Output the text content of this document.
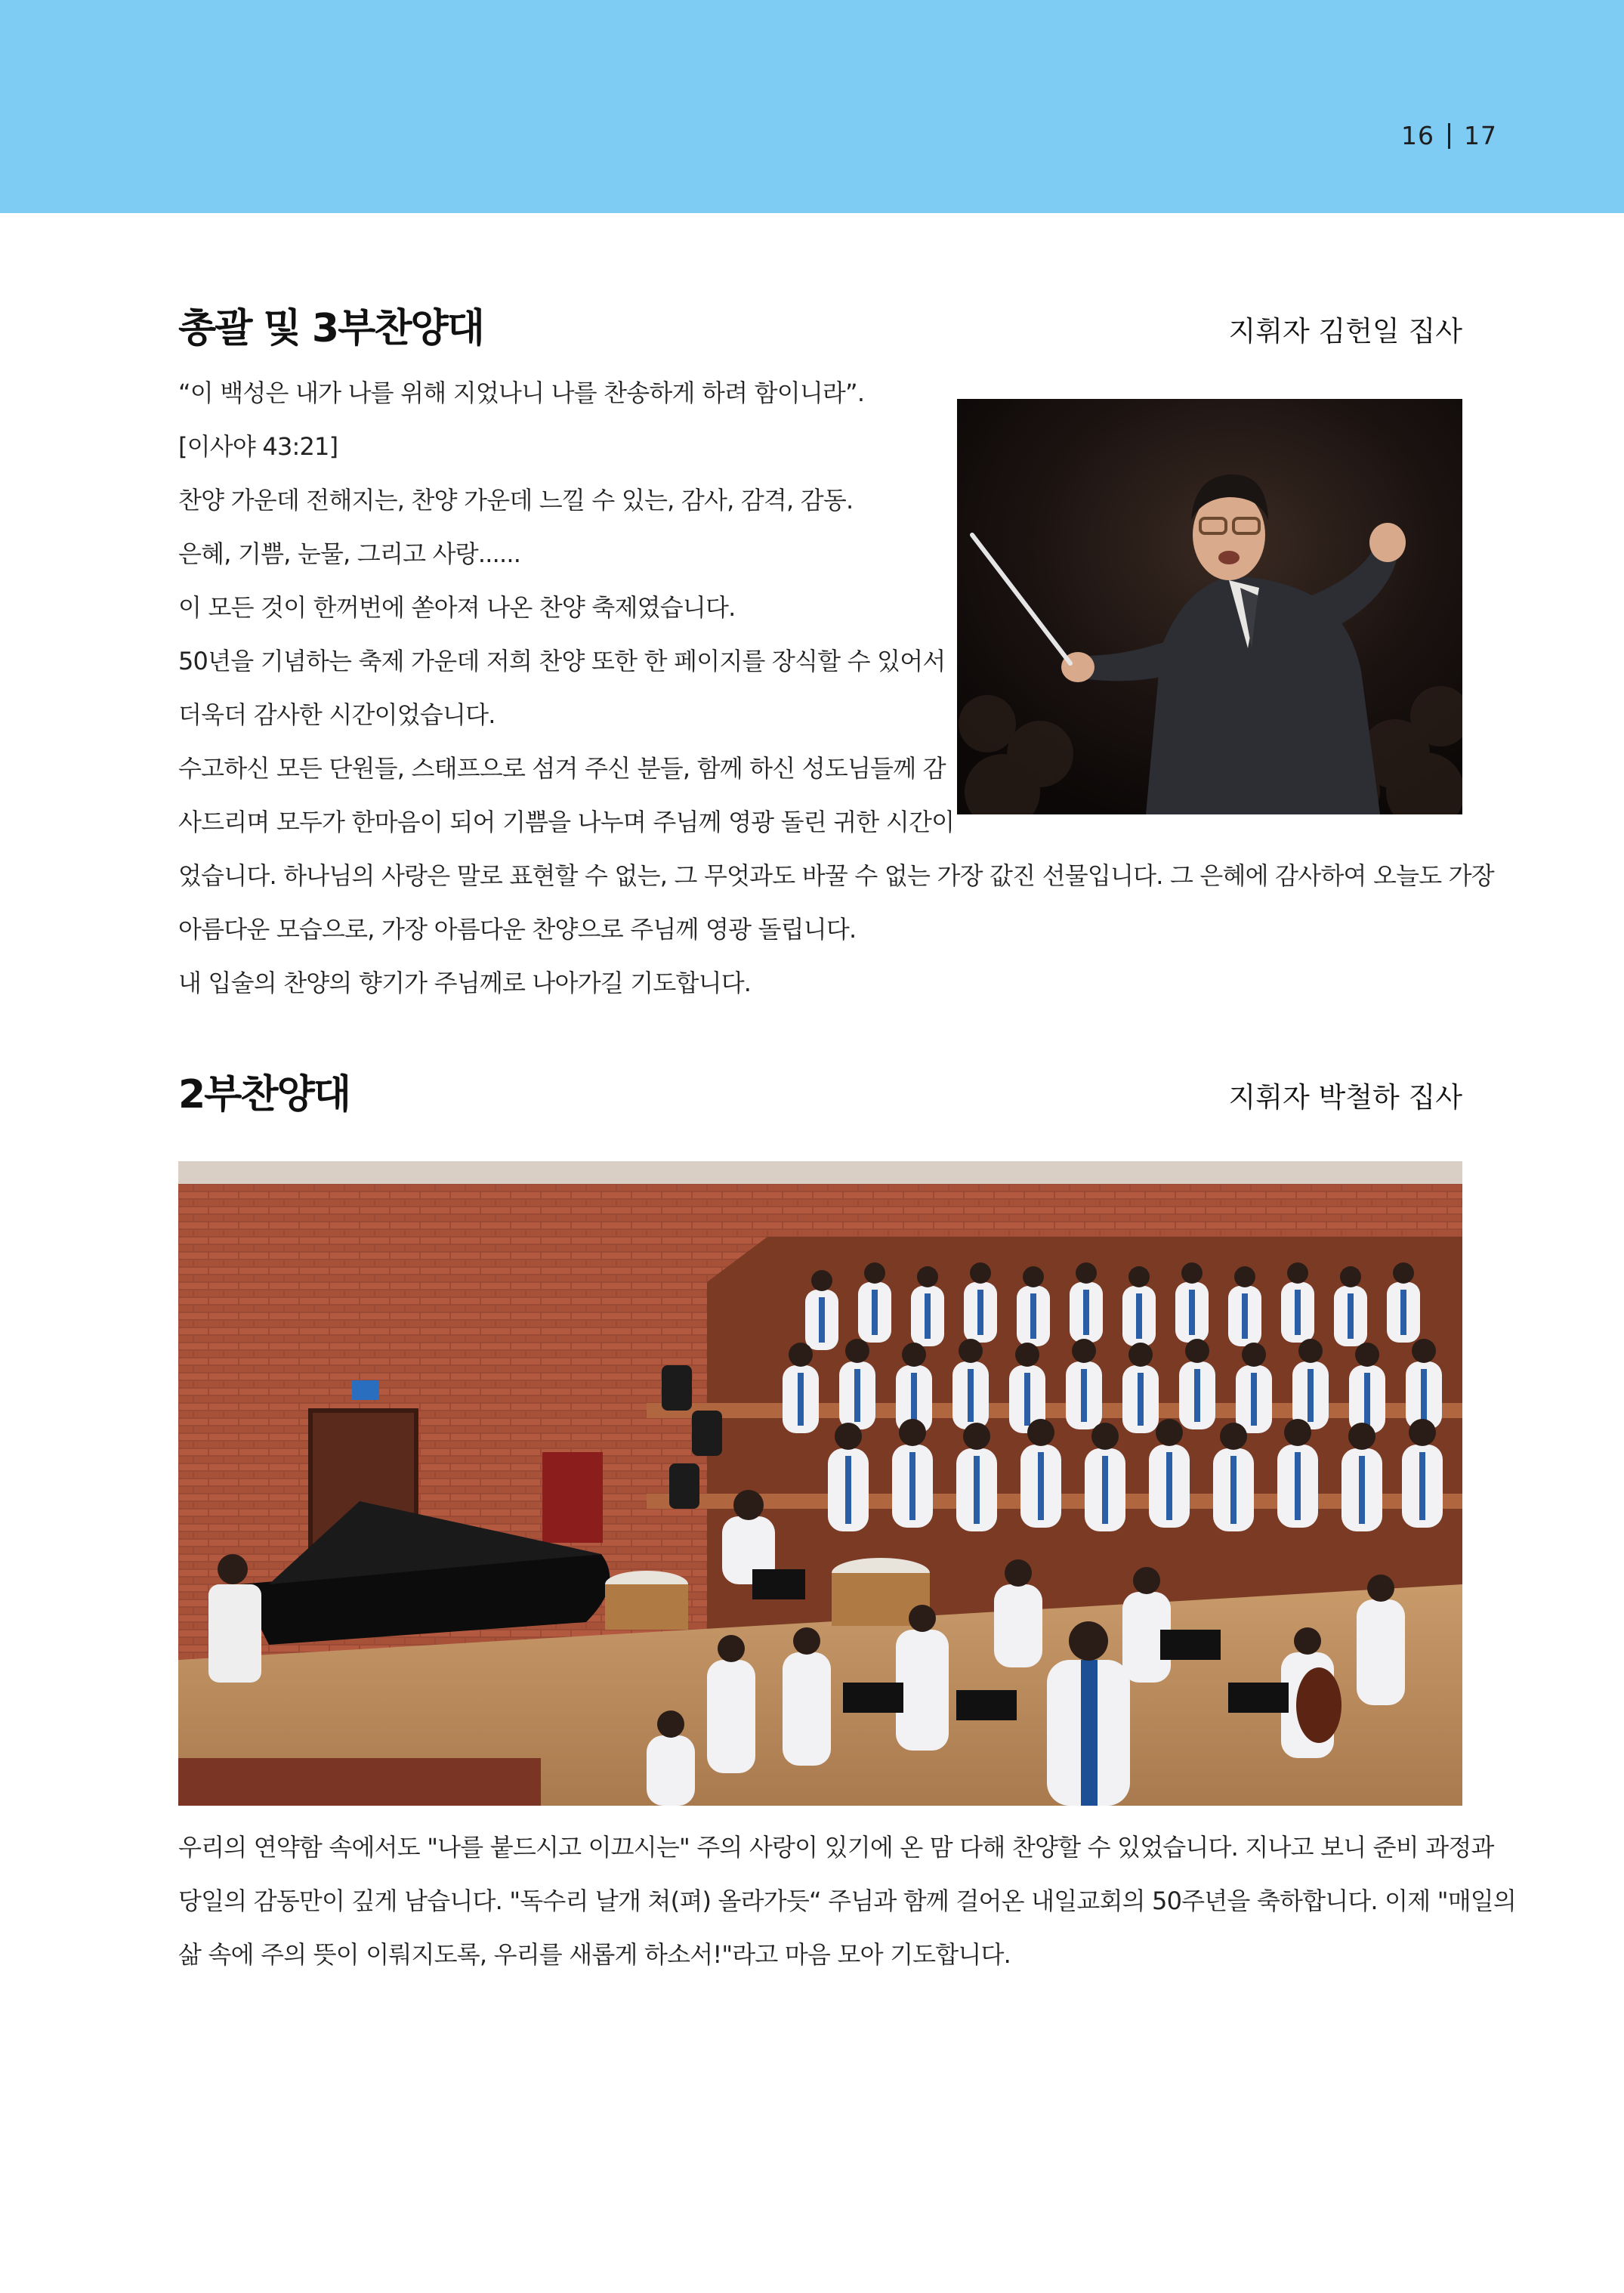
16 17
총괄 및 3부찬양대	지휘자 김헌일 집사
“이 백성은 내가 나를 위해 지었나니 나를 찬송하게 하려 함이니라”.
[이사야 43:21]
찬양 가운데 전해지는, 찬양 가운데 느낄 수 있는, 감사, 감격, 감동.
은혜, 기쁨, 눈물, 그리고 사랑......
이 모든 것이 한꺼번에 쏟아져 나온 찬양 축제였습니다.
50년을 기념하는 축제 가운데 저희 찬양 또한 한 페이지를 장식할 수 있어서
더욱더 감사한 시간이었습니다.
수고하신 모든 단원들, 스태프으로 섬겨 주신 분들, 함께 하신 성도님들께 감
사드리며 모두가 한마음이 되어 기쁨을 나누며 주님께 영광 돌린 귀한 시간이
었습니다. 하나님의 사랑은 말로 표현할 수 없는, 그 무엇과도 바꿀 수 없는 가장 값진 선물입니다. 그 은혜에 감사하여 오늘도 가장
아름다운 모습으로, 가장 아름다운 찬양으로 주님께 영광 돌립니다.
내 입술의 찬양의 향기가 주님께로 나아가길 기도합니다.
2부찬양대	지휘자 박철하 집사
우리의 연약함 속에서도 "나를 붙드시고 이끄시는" 주의 사랑이 있기에 온 맘 다해 찬양할 수 있었습니다. 지나고 보니 준비 과정과
당일의 감동만이 깊게 남습니다. "독수리 날개 쳐(펴) 올라가듯“ 주님과 함께 걸어온 내일교회의 50주년을 축하합니다. 이제 "매일의
삶 속에 주의 뜻이 이뤄지도록, 우리를 새롭게 하소서!"라고 마음 모아 기도합니다.
